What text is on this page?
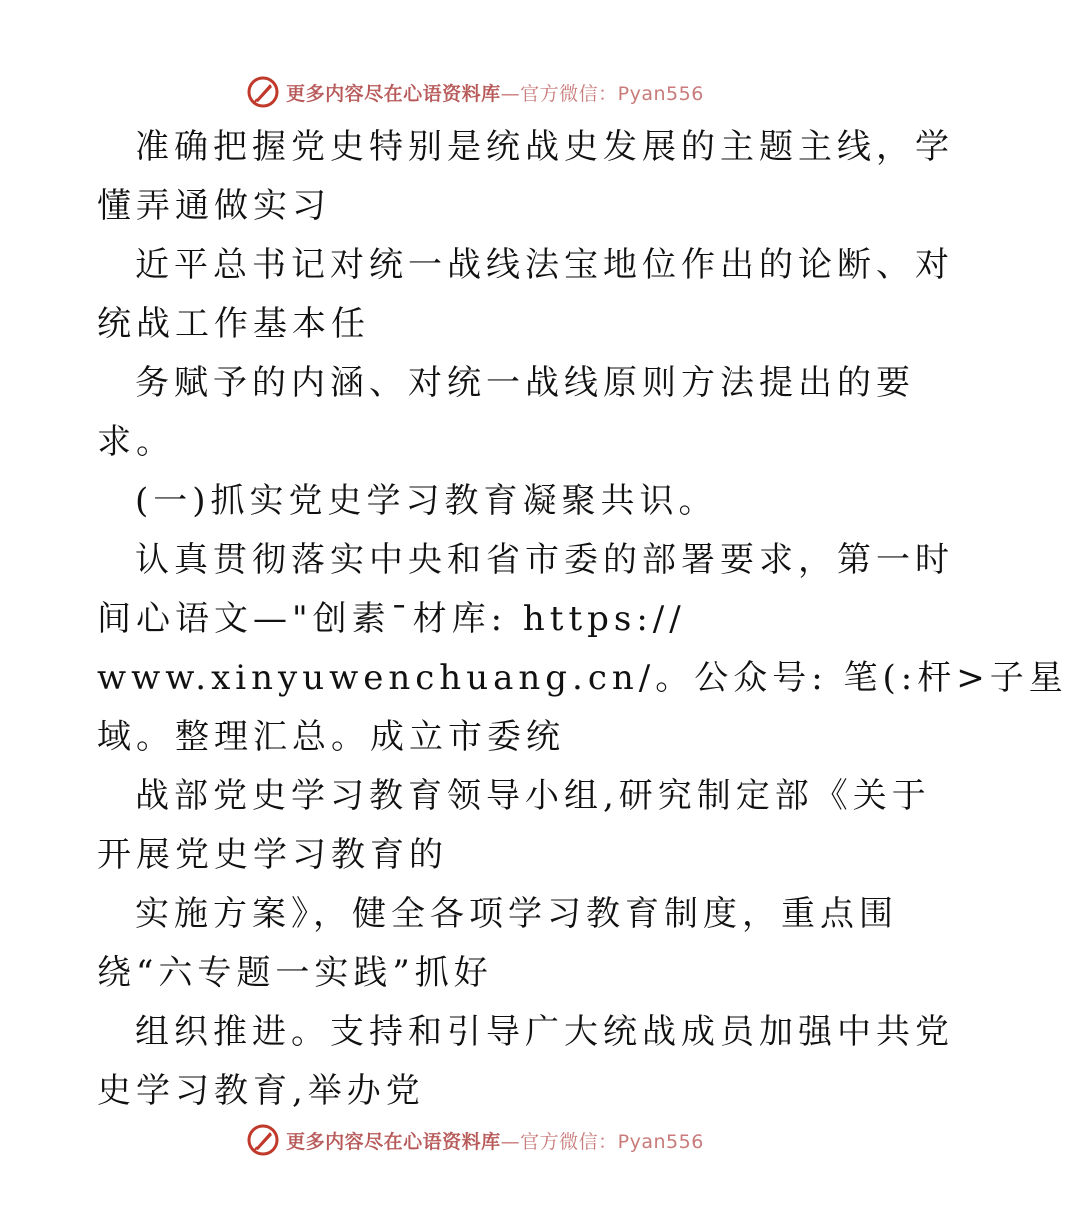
更多内容尽在心语资料库—官方微信：Pyan556
准确把握党史特别是统战史发展的主题主线，学
懂弄通做实习
近平总书记对统一战线法宝地位作出的论断、对
统战工作基本任
务赋予的内涵、对统一战线原则方法提出的要
求。
(一)抓实党史学习教育凝聚共识。
认真贯彻落实中央和省市委的部署要求，第一时
间心语文—"创素¯材库: https://
www.xinyuwenchuang.cn/。公众号: 笔(:杆>子星
域。整理汇总。成立市委统
战部党史学习教育领导小组,研究制定部《关于
开展党史学习教育的
实施方案》，健全各项学习教育制度，重点围
绕“六专题一实践”抓好
组织推进。支持和引导广大统战成员加强中共党
史学习教育,举办党
更多内容尽在心语资料库—官方微信：Pyan556
